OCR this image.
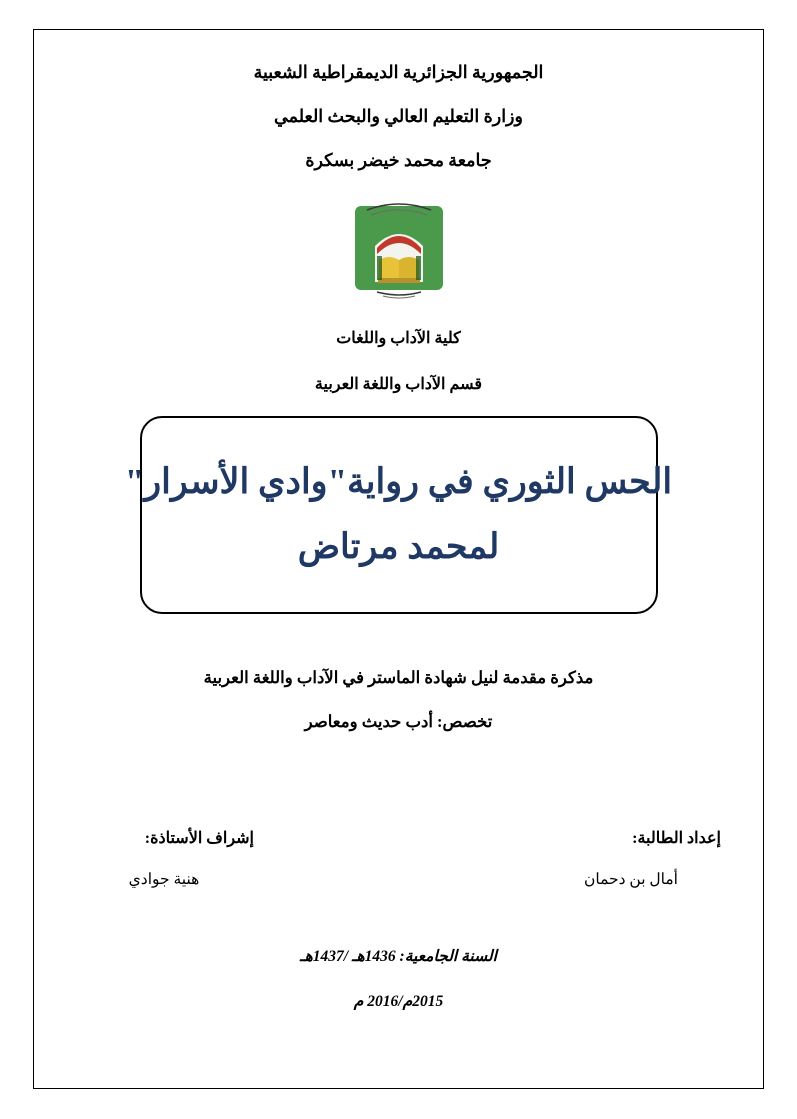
الجمهورية الجزائرية الديمقراطية الشعبية
وزارة التعليم العالي والبحث العلمي
جامعة محمد خيضر بسكرة
كلية الآداب واللغات
قسم الآداب واللغة العربية
الحس الثوري في رواية"وادي الأسرار"
لمحمد مرتاض
مذكرة مقدمة لنيل شهادة الماستر في الآداب واللغة العربية
تخصص: أدب حديث ومعاصر
إعداد الطالبة:
أمال بن دحمان
إشراف الأستاذة:
هنية جوادي
السنة الجامعية: 1436هـ /1437هـ
2015م/2016 م
